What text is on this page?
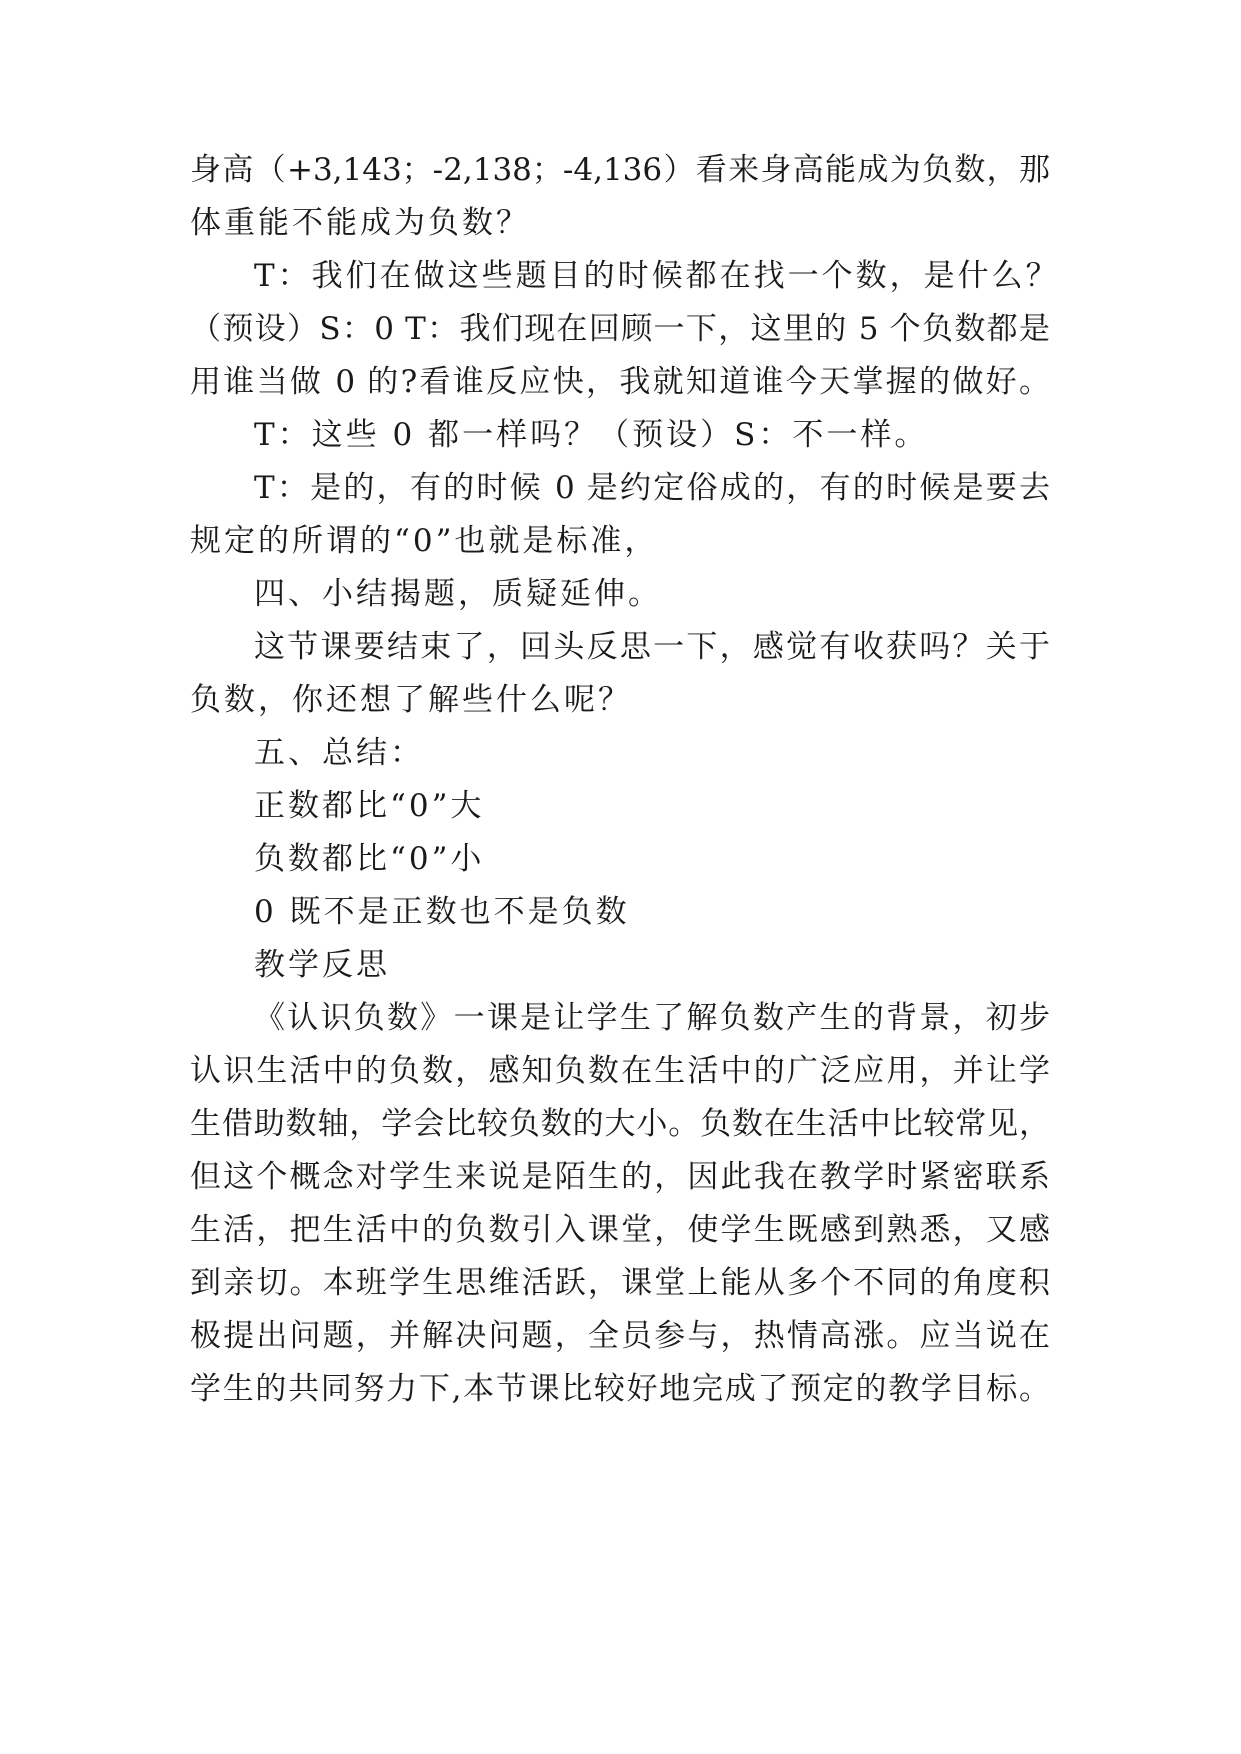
身高（+3,143；-2,138；-4,136）看来身高能成为负数，那
体重能不能成为负数？
T：我们在做这些题目的时候都在找一个数，是什么？
（预设）S：0 T：我们现在回顾一下，这里的 5 个负数都是
用谁当做 0 的?看谁反应快，我就知道谁今天掌握的做好。
T：这些 0 都一样吗？（预设）S：不一样。
T：是的，有的时候 0 是约定俗成的，有的时候是要去
规定的所谓的“0”也就是标准，
四、小结揭题，质疑延伸。
这节课要结束了，回头反思一下，感觉有收获吗？关于
负数，你还想了解些什么呢？
五、总结：
正数都比“0”大
负数都比“0”小
0 既不是正数也不是负数
教学反思
《认识负数》一课是让学生了解负数产生的背景，初步
认识生活中的负数，感知负数在生活中的广泛应用，并让学
生借助数轴，学会比较负数的大小。负数在生活中比较常见，
但这个概念对学生来说是陌生的，因此我在教学时紧密联系
生活，把生活中的负数引入课堂，使学生既感到熟悉，又感
到亲切。本班学生思维活跃，课堂上能从多个不同的角度积
极提出问题，并解决问题，全员参与，热情高涨。应当说在
学生的共同努力下,本节课比较好地完成了预定的教学目标。
